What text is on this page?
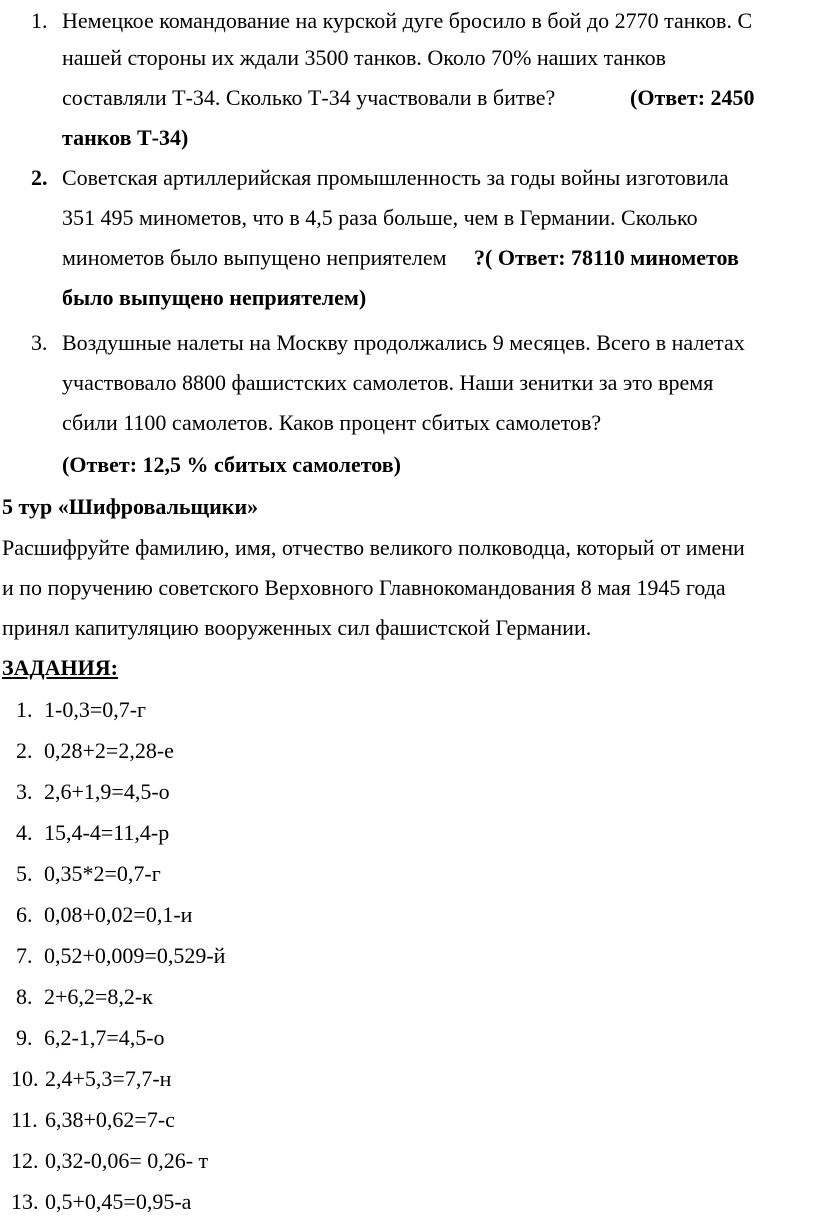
1. Немецкое командование на курской дуге бросило в бой до 2770 танков. С
нашей стороны их ждали 3500 танков. Около 70% наших танков
составляли Т-34. Сколько Т-34 участвовали в битве?	(Ответ: 2450
танков Т-34)
2. Советская артиллерийская промышленность за годы войны изготовила
351 495 минометов, что в 4,5 раза больше, чем в Германии. Сколько
минометов было выпущено неприятелем ?( Ответ: 78110 минометов
было выпущено неприятелем)
3. Воздушные налеты на Москву продолжались 9 месяцев. Всего в налетах
участвовало 8800 фашистских самолетов. Наши зенитки за это время
сбили 1100 самолетов. Каков процент сбитых самолетов?
(Ответ: 12,5 % сбитых самолетов)
5 тур «Шифровальщики»
Расшифруйте фамилию, имя, отчество великого полководца, который от имени
и по поручению советского Верховного Главнокомандования 8 мая 1945 года
принял капитуляцию вооруженных сил фашистской Германии.
ЗАДАНИЯ:
1. 1-0,3=0,7-г
2. 0,28+2=2,28-е
3. 2,6+1,9=4,5-о
4. 15,4-4=11,4-р
5. 0,35*2=0,7-г
6. 0,08+0,02=0,1-и
7. 0,52+0,009=0,529-й
8. 2+6,2=8,2-к
9. 6,2-1,7=4,5-о
10. 2,4+5,3=7,7-н
11. 6,38+0,62=7-с
12. 0,32-0,06= 0,26- т
13. 0,5+0,45=0,95-а
